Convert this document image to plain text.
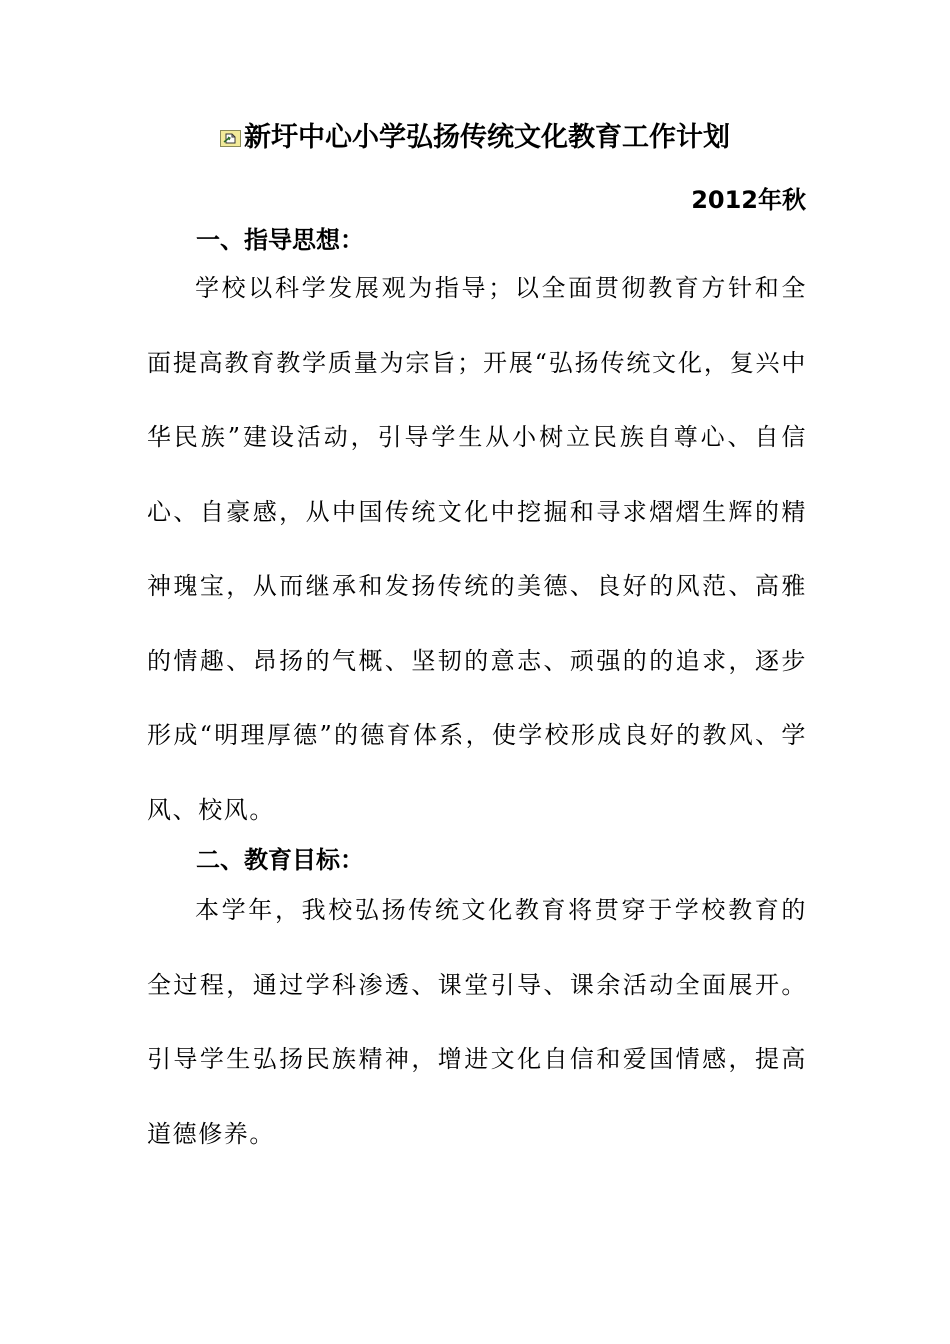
新圩中心小学弘扬传统文化教育工作计划
2012年秋
一、指导思想：

学校以科学发展观为指导；以全面贯彻教育方针和全面提高教育教学质量为宗旨；开展“弘扬传统文化，复兴中华民族”建设活动，引导学生从小树立民族自尊心、自信心、自豪感，从中国传统文化中挖掘和寻求熠熠生辉的精神瑰宝，从而继承和发扬传统的美德、良好的风范、高雅的情趣、昂扬的气概、坚韧的意志、顽强的的追求，逐步形成“明理厚德”的德育体系，使学校形成良好的教风、学风、校风。

二、教育目标：

本学年，我校弘扬传统文化教育将贯穿于学校教育的全过程，通过学科渗透、课堂引导、课余活动全面展开。引导学生弘扬民族精神，增进文化自信和爱国情感，提高道德修养。
